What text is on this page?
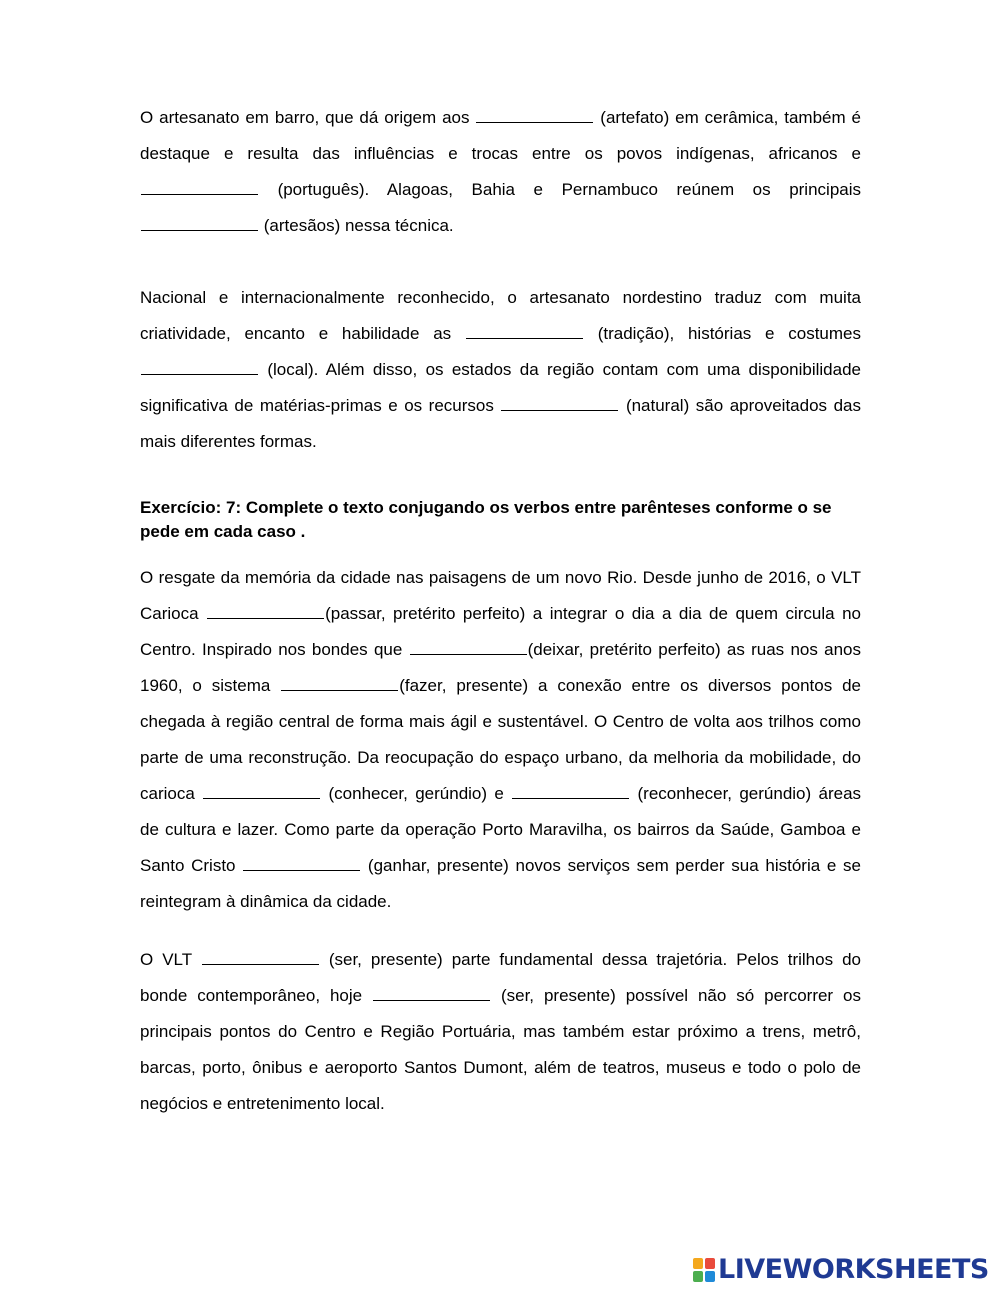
O artesanato em barro, que dá origem aos	(artefato) em cerâmica, também é destaque e resulta das influências e trocas entre os povos indígenas, africanos e  (português). Alagoas, Bahia e Pernambuco reúnem os principais  (artesãos) nessa técnica.

Nacional e internacionalmente reconhecido, o artesanato nordestino traduz com muita criatividade, encanto e habilidade as	(tradição), histórias e costumes  (local). Além disso, os estados da região contam com uma disponibilidade significativa de matérias-primas e os recursos	(natural) são aproveitados das mais diferentes formas.

Exercício: 7: Complete o texto conjugando os verbos entre parênteses conforme o se pede em cada caso .

O resgate da memória da cidade nas paisagens de um novo Rio. Desde junho de 2016, o VLT Carioca	(passar, pretérito perfeito) a integrar o dia a dia de quem circula no Centro. Inspirado nos bondes que	(deixar, pretérito perfeito) as ruas nos anos 1960, o sistema	(fazer, presente) a conexão entre os diversos pontos de chegada à região central de forma mais ágil e sustentável. O Centro de volta aos trilhos como parte de uma reconstrução. Da reocupação do espaço urbano, da melhoria da mobilidade, do carioca	(conhecer, gerúndio) e	(reconhecer, gerúndio) áreas de cultura e lazer. Como parte da operação Porto Maravilha, os bairros da Saúde, Gamboa e Santo Cristo	(ganhar, presente) novos serviços sem perder sua história e se reintegram à dinâmica da cidade.

O VLT	(ser, presente) parte fundamental dessa trajetória. Pelos trilhos do bonde contemporâneo, hoje	(ser, presente) possível não só percorrer os principais pontos do Centro e Região Portuária, mas também estar próximo a trens, metrô, barcas, porto, ônibus e aeroporto Santos Dumont, além de teatros, museus e todo o polo de negócios e entretenimento local.

LIVEWORKSHEETS
